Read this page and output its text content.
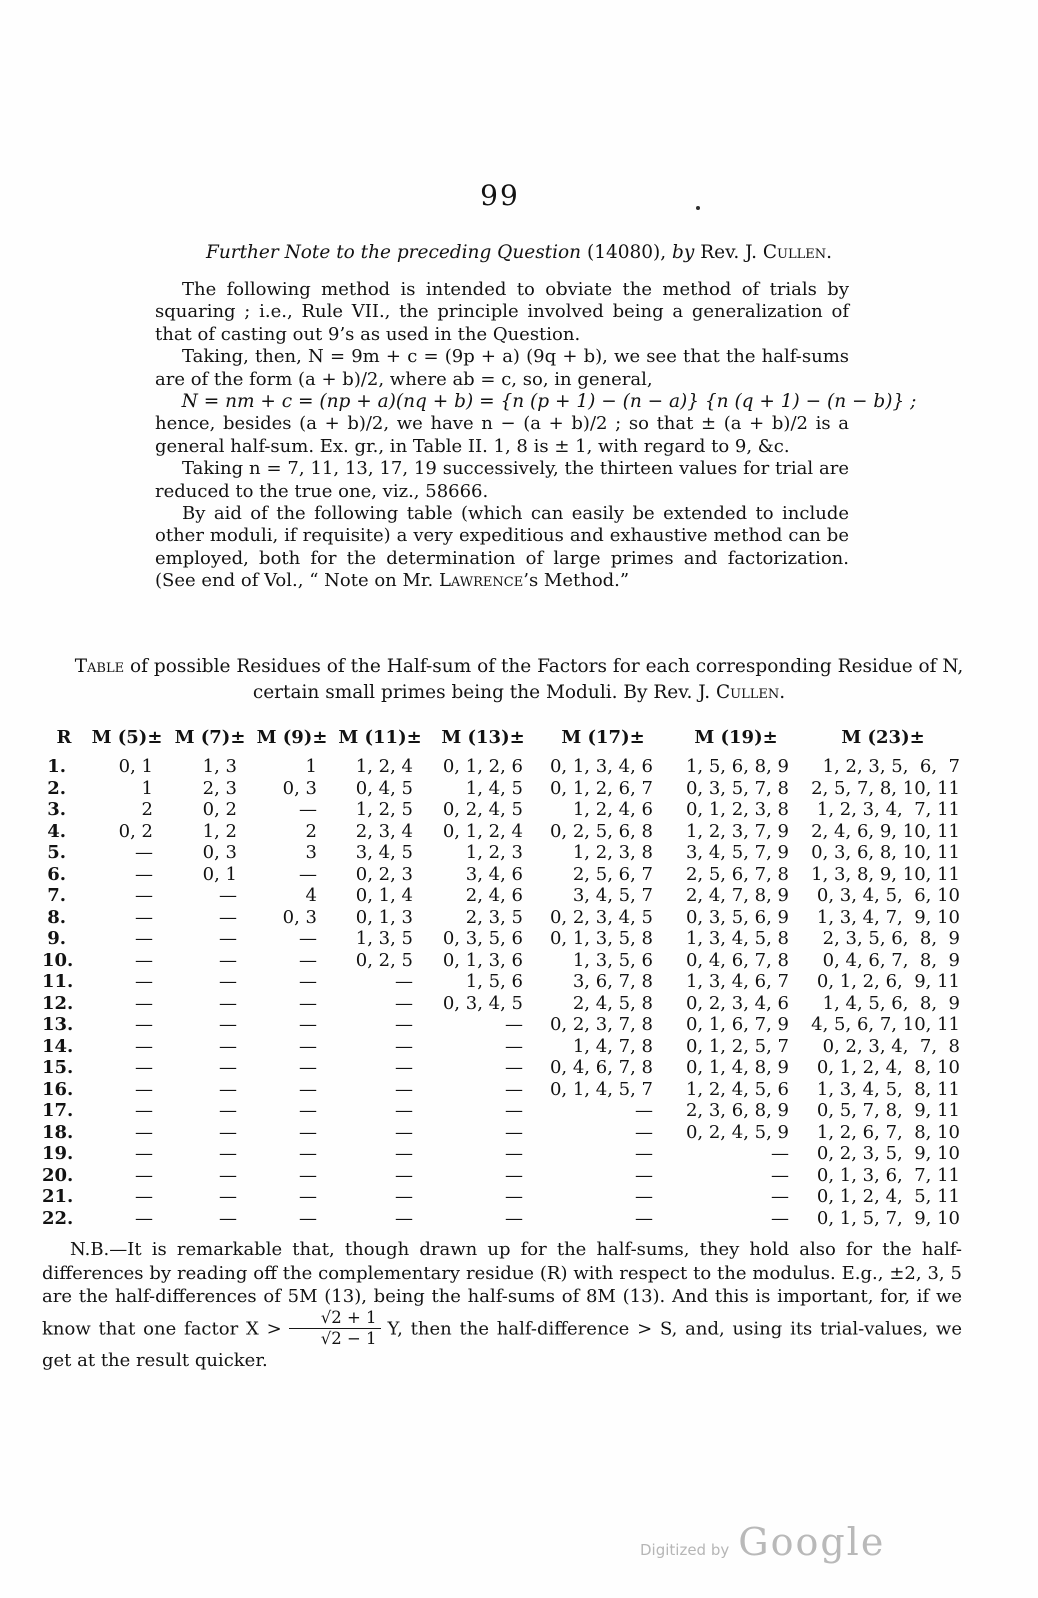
99
Further Note to the preceding Question (14080), by Rev. J. Cullen.

The following method is intended to obviate the method of trials by squaring ; i.e., Rule VII., the principle involved being a generalization of that of casting out 9’s as used in the Question.

Taking, then, N = 9m + c = (9p + a) (9q + b), we see that the half-sums are of the form (a + b)/2, where ab = c, so, in general,

N = nm + c = (np + a)(nq + b) = {n (p + 1) − (n − a)} {n (q + 1) − (n − b)} ;

hence, besides (a + b)/2, we have n − (a + b)/2 ; so that ± (a + b)/2 is a general half-sum. Ex. gr., in Table II. 1, 8 is ± 1, with regard to 9, &c.

Taking n = 7, 11, 13, 17, 19 successively, the thirteen values for trial are reduced to the true one, viz., 58666.

By aid of the following table (which can easily be extended to include other moduli, if requisite) a very expeditious and exhaustive method can be employed, both for the determination of large primes and factorization. (See end of Vol., “ Note on Mr. Lawrence’s Method.”

Table of possible Residues of the Half-sum of the Factors for each corresponding Residue of N,
certain small primes being the Moduli. By Rev. J. Cullen.
R	M (5)±	M (7)±	M (9)±	M (11)±	M (13)±	M (17)±	M (19)±	M (23)±
1.	0, 1	1, 3	1	1, 2, 4	0, 1, 2, 6	0, 1, 3, 4, 6	1, 5, 6, 8, 9	1, 2, 3, 5,  6,  7
2.	1	2, 3	0, 3	0, 4, 5	1, 4, 5	0, 1, 2, 6, 7	0, 3, 5, 7, 8	2, 5, 7, 8, 10, 11
3.	2	0, 2	—	1, 2, 5	0, 2, 4, 5	1, 2, 4, 6	0, 1, 2, 3, 8	1, 2, 3, 4,  7, 11
4.	0, 2	1, 2	2	2, 3, 4	0, 1, 2, 4	0, 2, 5, 6, 8	1, 2, 3, 7, 9	2, 4, 6, 9, 10, 11
5.	—	0, 3	3	3, 4, 5	1, 2, 3	1, 2, 3, 8	3, 4, 5, 7, 9	0, 3, 6, 8, 10, 11
6.	—	0, 1	—	0, 2, 3	3, 4, 6	2, 5, 6, 7	2, 5, 6, 7, 8	1, 3, 8, 9, 10, 11
7.	—	—	4	0, 1, 4	2, 4, 6	3, 4, 5, 7	2, 4, 7, 8, 9	0, 3, 4, 5,  6, 10
8.	—	—	0, 3	0, 1, 3	2, 3, 5	0, 2, 3, 4, 5	0, 3, 5, 6, 9	1, 3, 4, 7,  9, 10
9.	—	—	—	1, 3, 5	0, 3, 5, 6	0, 1, 3, 5, 8	1, 3, 4, 5, 8	2, 3, 5, 6,  8,  9
10.	—	—	—	0, 2, 5	0, 1, 3, 6	1, 3, 5, 6	0, 4, 6, 7, 8	0, 4, 6, 7,  8,  9
11.	—	—	—	—	1, 5, 6	3, 6, 7, 8	1, 3, 4, 6, 7	0, 1, 2, 6,  9, 11
12.	—	—	—	—	0, 3, 4, 5	2, 4, 5, 8	0, 2, 3, 4, 6	1, 4, 5, 6,  8,  9
13.	—	—	—	—	—	0, 2, 3, 7, 8	0, 1, 6, 7, 9	4, 5, 6, 7, 10, 11
14.	—	—	—	—	—	1, 4, 7, 8	0, 1, 2, 5, 7	0, 2, 3, 4,  7,  8
15.	—	—	—	—	—	0, 4, 6, 7, 8	0, 1, 4, 8, 9	0, 1, 2, 4,  8, 10
16.	—	—	—	—	—	0, 1, 4, 5, 7	1, 2, 4, 5, 6	1, 3, 4, 5,  8, 11
17.	—	—	—	—	—	—	2, 3, 6, 8, 9	0, 5, 7, 8,  9, 11
18.	—	—	—	—	—	—	0, 2, 4, 5, 9	1, 2, 6, 7,  8, 10
19.	—	—	—	—	—	—	—	0, 2, 3, 5,  9, 10
20.	—	—	—	—	—	—	—	0, 1, 3, 6,  7, 11
21.	—	—	—	—	—	—	—	0, 1, 2, 4,  5, 11
22.	—	—	—	—	—	—	—	0, 1, 5, 7,  9, 10

N.B.—It is remarkable that, though drawn up for the half-sums, they hold also for the half-differences by reading off the complementary residue (R) with respect to the modulus. E.g., ±2, 3, 5 are the half-differences of 5M (13), being the half-sums of 8M (13). And this is important, for, if we know that one factor $X > \frac{√2 + 1}{√2 - 1} Y$, then the half-difference > S, and, using its trial-values, we get at the result quicker.

Digitized by Google
